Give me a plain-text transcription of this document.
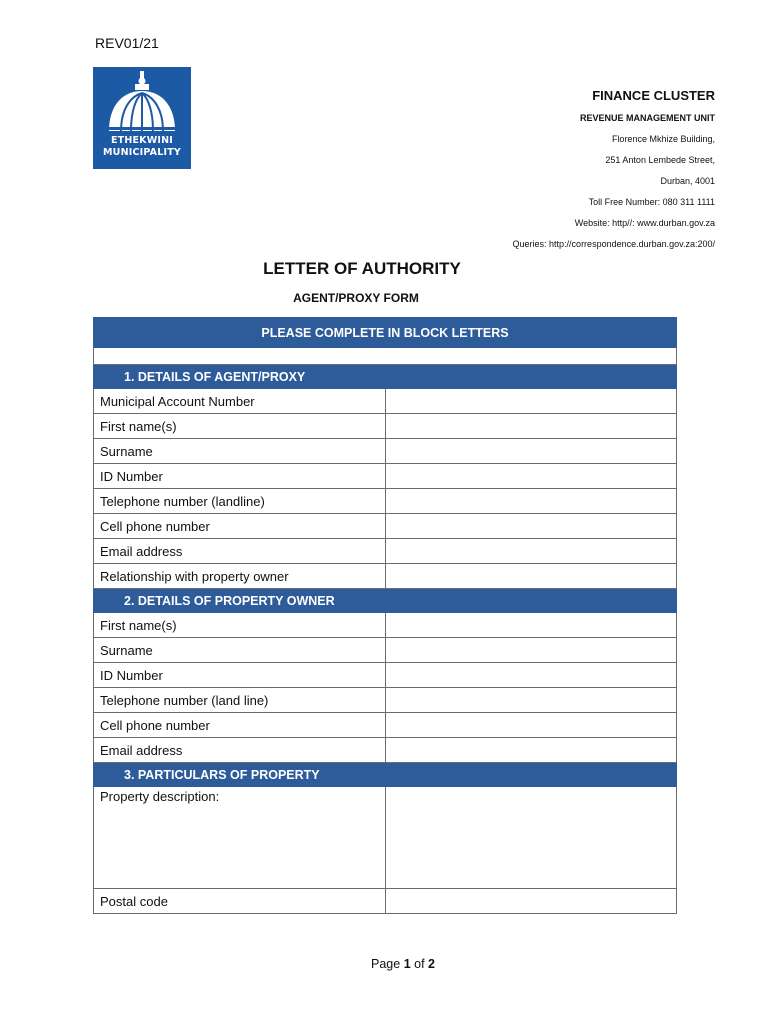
REV01/21
ETHEKWINI
MUNICIPALITY
FINANCE CLUSTER
REVENUE MANAGEMENT UNIT
Florence Mkhize Building,
251 Anton Lembede Street,
Durban, 4001
Toll Free Number: 080 311 1111
Website: http//: www.durban.gov.za
Queries: http://correspondence.durban.gov.za:200/
LETTER OF AUTHORITY
AGENT/PROXY FORM
PLEASE COMPLETE IN BLOCK LETTERS	

1. DETAILS OF AGENT/PROXY	
Municipal Account Number	
First name(s)	
Surname	
ID Number	
Telephone number (landline)	
Cell phone number	
Email address	
Relationship with property owner	
2. DETAILS OF PROPERTY OWNER	
First name(s)	
Surname	
ID Number	
Telephone number (land line)	
Cell phone number	
Email address	
3. PARTICULARS OF PROPERTY	
Property description:	
Postal code	
Page 1 of 2
